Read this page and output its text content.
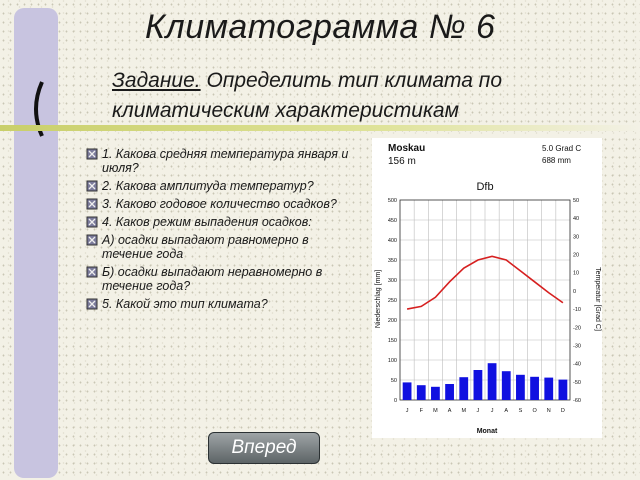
Климатограмма № 6
Задание. Определить тип климата по климатическим характеристикам
1. Какова средняя температура января и июля?
2. Какова амплитуда температур?
3. Каково годовое количество осадков?
4. Каков режим выпадения осадков:
А) осадки выпадают равномерно в течение года
Б) осадки выпадают неравномерно в течение года?
5. Какой это тип климата?
Moskau
156 m
5.0 Grad C
688 mm
Dfb
Monat
Niederschlag [mm]	Temperatur [Grad C]
0
50
100
150
200
250
300
350
400
450
500	50
40
30
20
10
0
-10
-20
-30
-40
-50
-60
J F M A M J J A S O N D
Вперед
